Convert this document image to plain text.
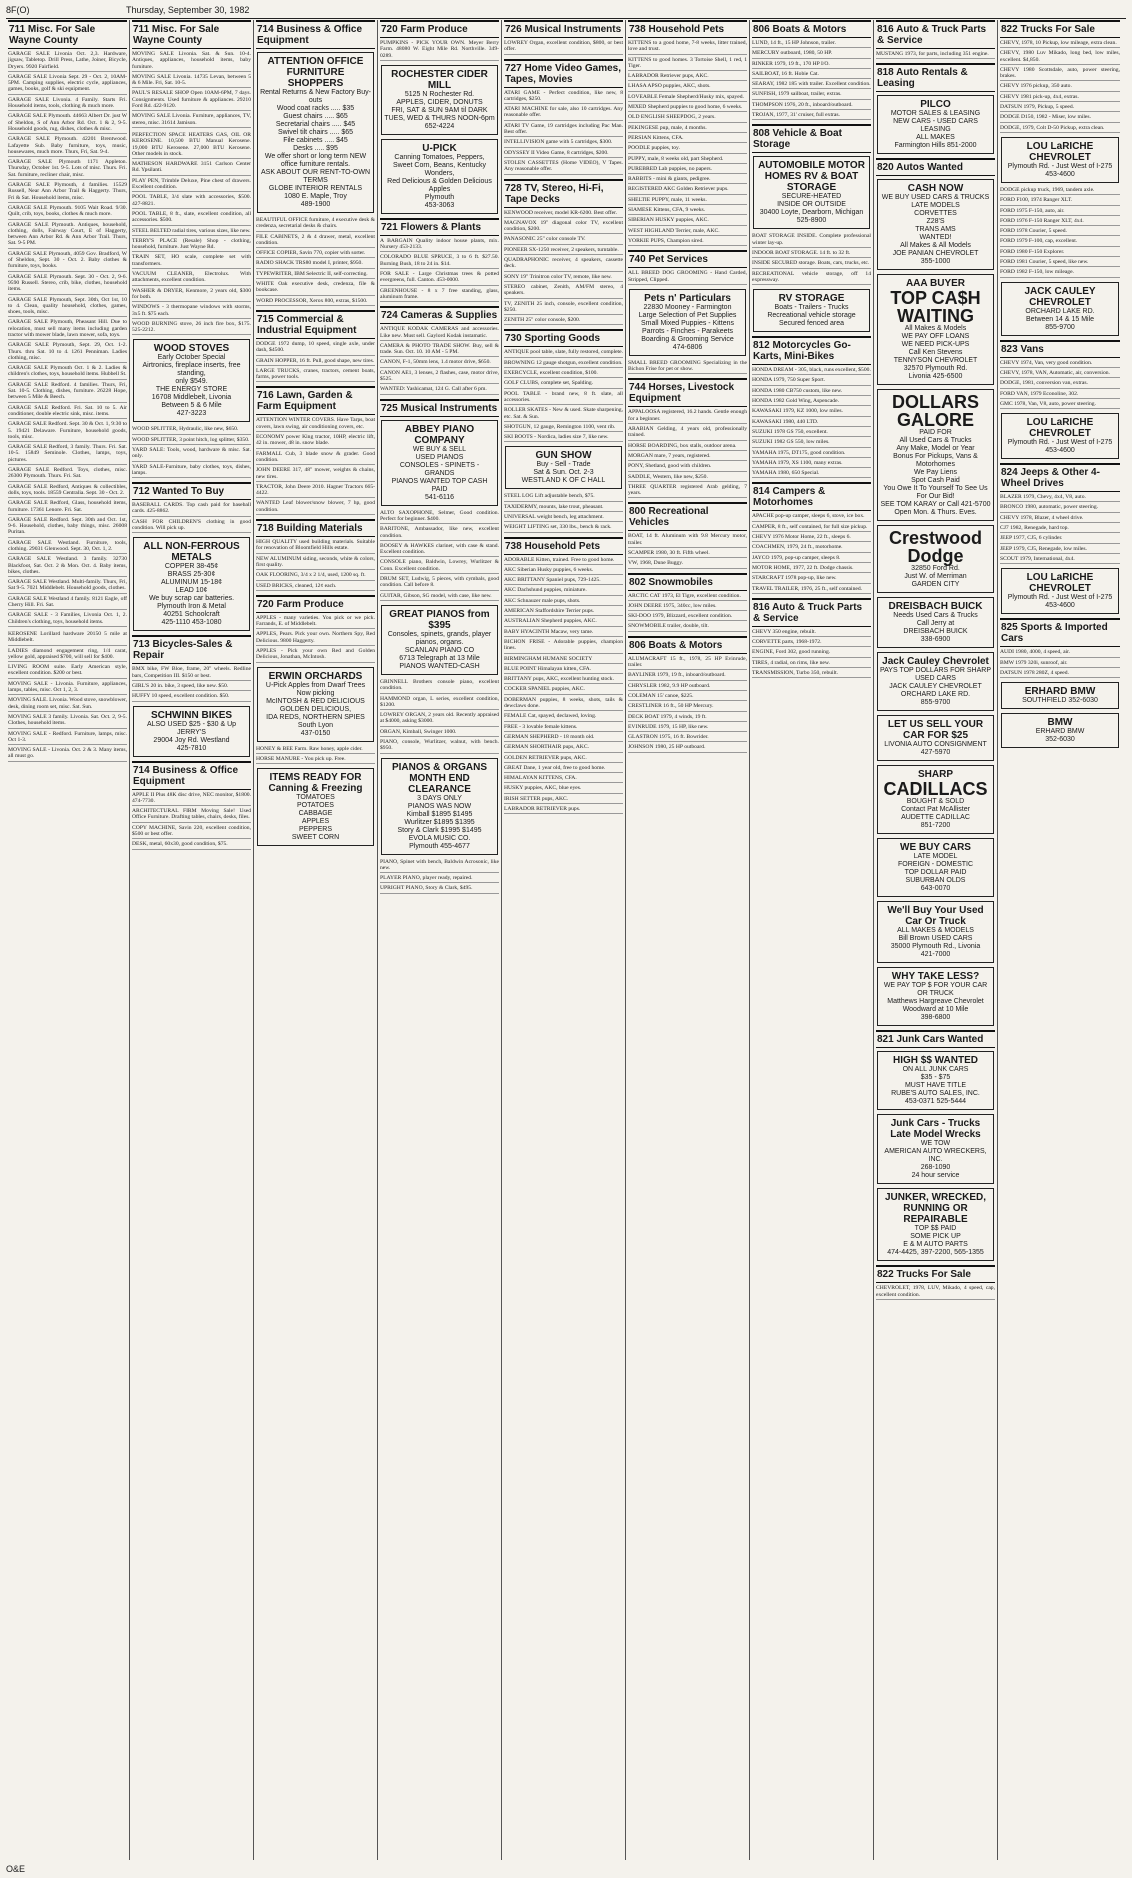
8F(O)	Thursday, September 30, 1982
711 Misc. For Sale Wayne County

GARAGE SALE Livonia Oct. 2,3. Hardware, jigsaw, Tabletop. Drill Press, Lathe, Joiner, Bicycle, Dryers. 9920 Fairfield.

GARAGE SALE Livonia Sept. 29 - Oct. 2, 10AM-5PM. Camping supplies, electric cycle, appliances, games, books, golf & ski equipment.

GARAGE SALE Livonia. 4 Family. Starts Fri. Household items, tools, clothing & much more.

GARAGE SALE Plymouth. 44663 Albert Dr. just W of Sheldon, S of Ann Arbor Rd. Oct. 1 & 2, 9-5. Household goods, rug, dishes, clothes & misc.

GARAGE SALE Plymouth. 42201 Brentwood. Lafayette Sub. Baby furniture, toys, music, housewares, much more. Thurs, Fri, Sat. 9-4.

GARAGE SALE Plymouth 1171 Appleton. Thursday, October 1st. 9-5. Lots of misc. Thurs. Fri. Sat. furniture, recliner chair, misc.

GARAGE SALE Plymouth, 4 families. 15529 Russell, Near Ann Arbor Trail & Haggerty. Thurs, Fri & Sat. Household items, misc.

GARAGE SALE Plymouth. 9105 Wait Road. 9/30. Quilt, crib, toys, books, clothes & much more.

GARAGE SALE Plymouth. Antiques, household, clothing, dolls, Fairway Court, E of Haggerty, between Ann Arbor Rd. & Ann Arbor Trail. Thurs, Sat. 9-5 PM.

GARAGE SALE Plymouth, 4059 Gov. Bradford, W of Sheldon, Sept. 30 - Oct. 2. Baby clothes & furniture, toys, books.

GARAGE SALE Plymouth. Sept. 30 - Oct. 2, 9-6. 9590 Russell. Stereo, crib, bike, clothes, household items.

GARAGE SALE Plymouth, Sept. 30th, Oct 1st, 10 to 4. Clean, quality household, clothes, games, shoes, tools, misc.

GARAGE SALE Plymouth, Pheasant Hill. Due to relocation, must sell many items including garden tractor with mower blade, lawn mower, sofa, toys.

GARAGE SALE Plymouth, Sept. 29, Oct. 1-2. Thurs. thru Sat. 10 to 4. 1261 Penniman. Ladies clothing, misc.

GARAGE SALE Plymouth Oct. 1 & 2. Ladies & children's clothes, toys, household items. Hubbell St.

GARAGE SALE Redford. 4 families. Thurs, Fri, Sat. 10-5. Clothing, dishes, furniture. 26228 Hope, between 5 Mile & Beech.

GARAGE SALE Redford. Fri. Sat. 10 to 5. Air conditioner, double electric sink, misc. items.

GARAGE SALE Redford. Sept. 30 & Oct. 1, 9:30 to 5. 19421 Delaware. Furniture, household goods, tools, misc.

GARAGE SALE Redford, 3 family. Thurs. Fri. Sat. 10-5. 15849 Seminole. Clothes, lamps, toys, pictures.

GARAGE SALE Redford. Toys, clothes, misc. 26300 Plymouth. Thurs. Fri. Sat.

GARAGE SALE Redford, Antiques & collectibles, dolls, toys, tools. 18559 Centralia. Sept. 30 - Oct. 2.

GARAGE SALE Redford, Glass, household items, furniture. 17361 Lenore. Fri. Sat.

GARAGE SALE Redford. Sept. 30th and Oct. 1st, 9-6. Household, clothes, baby things, misc. 26008 Puritan.

GARAGE SALE Westland. Furniture, tools, clothing. 29031 Glenwood. Sept. 30, Oct. 1, 2.

GARAGE SALE Westland. 3 family. 32730 Blackfoot, Sat. Oct. 2 & Mon. Oct. 4. Baby items, bikes, clothes.

GARAGE SALE Westland. Multi-family. Thurs, Fri, Sat 9-5. 7021 Middlebelt. Household goods, clothes.

GARAGE SALE Westland 4 family. 8121 Eagle, off Cherry Hill. Fri. Sat.

GARAGE SALE - 3 Families, Livonia Oct. 1, 2. Children's clothing, toys, household items.

KEROSENE Lorillard hardware 20150 5 mile at Middlebelt.

LADIES diamond engagement ring, 1/4 carat, yellow gold, appraised $700, will sell for $400.

LIVING ROOM suite. Early American style, excellent condition. $200 or best.

MOVING SALE - Livonia. Furniture, appliances, lamps, tables, misc. Oct 1, 2, 3.

MOVING SALE. Livonia. Wood stove, snowblower, desk, dining room set, misc. Sat. Sun.

MOVING SALE 3 family. Livonia. Sat. Oct. 2, 9-5. Clothes, household items.

MOVING SALE - Redford. Furniture, lamps, misc. Oct 1-3.

MOVING SALE - Livonia. Oct. 2 & 3. Many items, all must go.

711 Misc. For Sale Wayne County

MOVING SALE Livonia. Sat. & Sun. 10-4. Antiques, appliances, household items, baby furniture.

MOVING SALE Livonia. 14735 Levan, between 5 & 6 Mile. Fri, Sat. 10-5.

PAUL'S RESALE SHOP Open 10AM-6PM, 7 days. Consignments. Used furniture & appliances. 29210 Ford Rd. 422-9120.

MOVING SALE Livonia. Furniture, appliances, TV, stereo, misc. 31614 Jamison.

PERFECTION SPACE HEATERS GAS, OIL OR KEROSENE. 10,500 BTU Manual Kerosene. 19,000 BTU Kerosene. 27,000 BTU Kerosene. Other models in stock.

MATHESON HARDWARE 3151 Carlson Center Rd. Ypsilanti.

PLAY PEN, Trimble Deluxe, Pine chest of drawers. Excellent condition.

POOL TABLE, 3/4 slate with accessories, $500. 427-8821.

POOL TABLE, 8 ft., slate, excellent condition, all accessories. $500.

STEEL BELTED radial tires, various sizes, like new.

TERRY'S PLACE (Resale) Shop - clothing, household, furniture. Just Wayne Rd.

TRAIN SET, HO scale, complete set with transformers.

VACUUM CLEANER, Electrolux. With attachments, excellent condition.

WASHER & DRYER, Kenmore, 2 years old, $300 for both.

WINDOWS - 3 thermopane windows with storms, 3x5 ft. $75 each.

WOOD BURNING stove, 26 inch fire box, $175. 525-2212.

WOOD STOVES
Early October Special
Airtronics, fireplace inserts, free standing,
only $549.
THE ENERGY STORE
16708 Middlebelt, Livonia
Between 5 & 6 Mile
427-3223

WOOD SPLITTER, Hydraulic, like new, $650.

WOOD SPLITTER, 3 point hitch, log splitter, $350.

YARD SALE: Tools, wood, hardware & misc. Sat. only.

YARD SALE-Furniture, baby clothes, toys, dishes, lamps.

712 Wanted To Buy

BASEBALL CARDS. Top cash paid for baseball cards. 425-8862.

CASH FOR CHILDREN'S clothing in good condition. Will pick up.

ALL NON-FERROUS METALS
COPPER 38-45¢
BRASS 25-30¢
ALUMINUM 15-18¢
LEAD 10¢
We buy scrap car batteries.
Plymouth Iron & Metal
40251 Schoolcraft
425-1110 453-1080
713 Bicycles-Sales & Repair

BMX bike, FW Bloe, frame, 20" wheels. Redline bars, Competition III. $150 or best.

GIRL'S 20 in. bike, 3 speed, like new. $50.

HUFFY 10 speed, excellent condition. $50.

SCHWINN BIKES
ALSO USED $25 - $30 & Up
JERRY'S
29004 Joy Rd. Westland
425-7810
714 Business & Office Equipment

APPLE II Plus 48K disc drive, NEC monitor, $1800. 474-7730.

ARCHITECTURAL FIRM Moving Sale! Used Office Furniture. Drafting tables, chairs, desks, files.

COPY MACHINE, Savin 220, excellent condition, $500 or best offer.

DESK, metal, 60x30, good condition, $75.

714 Business & Office Equipment
ATTENTION OFFICE FURNITURE SHOPPERS
Rental Returns & New Factory Buy-outs
Wood coat racks ..... $35
Guest chairs ..... $65
Secretarial chairs ..... $45
Swivel tilt chairs ..... $65
File cabinets ..... $45
Desks ..... $95
We offer short or long term NEW office furniture rentals.
ASK ABOUT OUR RENT-TO-OWN TERMS
GLOBE INTERIOR RENTALS
1080 E. Maple, Troy
489-1900

BEAUTIFUL OFFICE furniture, 4 executive desk & credenza, secretarial desks & chairs.

FILE CABINETS, 2 & 4 drawer, metal, excellent condition.

OFFICE COPIER, Savin 770, copier with sorter.

RADIO SHACK TRS80 model I, printer, $950.

TYPEWRITER, IBM Selectric II, self-correcting.

WHITE Oak executive desk, credenza, file & bookcase.

WORD PROCESSOR, Xerox 800, extras, $1500.

715 Commercial & Industrial Equipment

DODGE 1972 dump, 10 speed, single axle, under dash, $4500.

GRAIN HOPPER, 16 ft. Pull, good shape, new tires.

LARGE TRUCKS, cranes, tractors, cement boats, farms, power tools.

716 Lawn, Garden & Farm Equipment

ATTENTION WINTER COVERS. Have Tarps, boat covers, lawn swing, air conditioning covers, etc.

ECONOMY power King tractor, 10HP, electric lift, 42 in. mower, 48 in. snow blade.

FARMALL Cub, 3 blade snow & grader. Good condition.

JOHN DEERE 317, 48" mower, weights & chains, new tires.

TRACTOR, John Deere 2010. Hagner Tractors 665-4422.

WANTED Leaf blower/snow blower, 7 hp, good condition.

718 Building Materials

HIGH QUALITY used building materials. Suitable for renovation of Bloomfield Hills estate.

NEW ALUMINUM siding, seconds, white & colors, first quality.

OAK FLOORING, 3/4 x 2 1/4, used, 1200 sq. ft.

USED BRICKS, cleaned, 12¢ each.

720 Farm Produce

APPLES - many varieties. You pick or we pick. Farrands, E. of Middlebelt.

APPLES, Pears. Pick your own. Northern Spy, Red Delicious. 9800 Haggerty.

APPLES - Pick your own Red and Golden Delicious, Jonathan, McIntosh.

ERWIN ORCHARDS
U-Pick Apples from Dwarf Trees
Now picking
McINTOSH & RED DELICIOUS
GOLDEN DELICIOUS,
IDA REDS, NORTHERN SPIES
South Lyon
437-0150

HONEY & BEE Farm. Raw honey, apple cider.

HORSE MANURE - You pick up. Free.

ITEMS READY FOR Canning & Freezing
TOMATOES
POTATOES
CABBAGE
APPLES
PEPPERS
SWEET CORN
720 Farm Produce

PUMPKINS - PICK YOUR OWN. Meyer Berry Farm. 48080 W. Eight Mile Rd. Northville. 349-0289.

ROCHESTER CIDER MILL
5125 N Rochester Rd.
APPLES, CIDER, DONUTS
FRI, SAT & SUN 9AM til DARK
TUES, WED & THURS NOON-6pm
652-4224
U-PICK
Canning Tomatoes, Peppers, Sweet Corn, Beans, Kentucky Wonders,
Red Delicious & Golden Delicious
Apples
Plymouth
453-3063
721 Flowers & Plants

A BARGAIN Quality indoor house plants, mix. Nursery 453-2133.

COLORADO BLUE SPRUCE, 3 to 6 ft. $27.50. Burning Bush, 18 to 24 in. $14.

FOR SALE - Large Christmas trees & potted evergreens, full. Canton. 453-0000.

GREENHOUSE - 8 x 7 free standing, glass, aluminum frame.

724 Cameras & Supplies

ANTIQUE KODAK CAMERAS and accessories. Like new. Must sell. Gaylord Kodak instamatic.

CAMERA & PHOTO TRADE SHOW. Buy, sell & trade. Sun. Oct. 10. 10 AM - 5 PM.

CANON, F-1, 50mm lens, 1.4 motor drive, $650.

CANON AE1, 3 lenses, 2 flashes, case, motor drive, $525.

WANTED: Yashicamat, 124 G. Call after 6 pm.

725 Musical Instruments
ABBEY PIANO COMPANY
WE BUY & SELL
USED PIANOS
CONSOLES - SPINETS - GRANDS
PIANOS WANTED TOP CASH PAID
541-6116

ALTO SAXOPHONE, Selmer, Good condition. Perfect for beginner. $400.

BARITONE, Ambassador, like new, excellent condition.

BOOSEY & HAWKES clarinet, with case & stand. Excellent condition.

CONSOLE piano, Baldwin, Lowrey, Wurlitzer & Conn. Excellent condition.

DRUM SET, Ludwig, 5 pieces, with cymbals, good condition. Call before 8.

GUITAR, Gibson, SG model, with case, like new.

GREAT PIANOS from $395
Consoles, spinets, grands, player pianos, organs.
SCANLAN PIANO CO
6713 Telegraph at 13 Mile
PIANOS WANTED-CASH

GRINNELL Brothers console piano, excellent condition.

HAMMOND organ, L series, excellent condition, $1200.

LOWREY ORGAN, 2 years old. Recently appraised at $4000, asking $3000.

ORGAN, Kimball, Swinger 1000.

PIANO, console, Wurlitzer, walnut, with bench. $950.

PIANOS & ORGANS MONTH END CLEARANCE
3 DAYS ONLY
PIANOS WAS NOW
Kimball $1895 $1495
Wurlitzer $1895 $1395
Story & Clark $1995 $1495
EVOLA MUSIC CO.
Plymouth 455-4677

PIANO, Spinet with bench, Baldwin Acrosonic, like new.

PLAYER PIANO, player ready, repaired.

UPRIGHT PIANO, Story & Clark, $495.

726 Musical Instruments

LOWREY Organ, excellent condition, $800, or best offer.

727 Home Video Games, Tapes, Movies

ATARI GAME - Perfect condition, like new, 8 cartridges, $250.

ATARI MACHINE for sale, also 10 cartridges. Any reasonable offer.

ATARI TV Game, 19 cartridges including Pac Man. Best offer.

INTELLIVISION game with 5 cartridges, $300.

ODYSSEY II Video Game, 8 cartridges, $200.

STOLEN CASSETTES (Home VIDEO), V Tapes. Any reasonable offer.

728 TV, Stereo, Hi-Fi, Tape Decks

KENWOOD receiver, model KR-6200. Best offer.

MAGNAVOX 19" diagonal color TV, excellent condition, $200.

PANASONIC 25" color console TV.

PIONEER SX-1250 receiver, 2 speakers, turntable.

QUADRAPHONIC receiver, 4 speakers, cassette deck.

SONY 19" Trinitron color TV, remote, like new.

STEREO cabinet, Zenith, AM/FM stereo, 4 speakers.

TV, ZENITH 25 inch, console, excellent condition, $250.

ZENITH 25" color console, $200.

730 Sporting Goods

ANTIQUE pool table, slate, fully restored, complete.

BROWNING 12 gauge shotgun, excellent condition.

EXERCYCLE, excellent condition, $100.

GOLF CLUBS, complete set, Spalding.

POOL TABLE - brand new, 8 ft. slate, all accessories.

ROLLER SKATES - New & used. Skate sharpening, etc. Sat. & Sun.

SHOTGUN, 12 gauge, Remington 1100, vent rib.

SKI BOOTS - Nordica, ladies size 7, like new.

GUN SHOW
Buy - Sell - Trade
Sat & Sun. Oct. 2-3
WESTLAND K OF C HALL

STEEL LOG Lift adjustable bench, $75.

TAXIDERMY, mounts, lake trout, pheasant.

UNIVERSAL weight bench, leg attachment.

WEIGHT LIFTING set, 330 lbs., bench & rack.

738 Household Pets

ADORABLE Kitten, trained. Free to good home.

AKC Siberian Husky puppies, 6 weeks.

AKC BRITTANY Spaniel pups, 729-1425.

AKC Dachshund puppies, miniature.

AKC Schnauzer male pups, shots.

AMERICAN Staffordshire Terrier pups.

AUSTRALIAN Shepherd puppies, AKC.

BABY HYACINTH Macaw, very tame.

BICHON FRISE - Adorable puppies, champion lines.

BIRMINGHAM HUMANE SOCIETY

BLUE POINT Himalayan kitten, CFA.

BRITTANY pups, AKC, excellent hunting stock.

COCKER SPANIEL puppies, AKC.

DOBERMAN puppies, 8 weeks, shots, tails & dewclaws done.

FEMALE Cat, spayed, declawed, loving.

FREE - 3 lovable female kittens.

GERMAN SHEPHERD - 18 month old.

GERMAN SHORTHAIR pups, AKC.

GOLDEN RETRIEVER pups, AKC.

GREAT Dane, 1 year old, free to good home.

HIMALAYAN KITTENS, CFA.

HUSKY puppies, AKC, blue eyes.

IRISH SETTER pups, AKC.

LABRADOR RETRIEVER pups.

738 Household Pets

KITTENS to a good home, 7-8 weeks, litter trained, love and trust.

KITTENS to good homes. 3 Tortoise Shell, 1 red, 1 Tiger.

LABRADOR Retriever pups, AKC.

LHASA APSO puppies, AKC, shots.

LOVEABLE Female Shepherd/Husky mix, spayed.

MIXED Shepherd puppies to good home, 6 weeks.

OLD ENGLISH SHEEPDOG, 2 years.

PEKINGESE pup, male, 4 months.

PERSIAN Kittens, CFA.

POODLE puppies, toy.

PUPPY, male, 8 weeks old, part Shepherd.

PUREBRED Lab puppies, no papers.

RABBITS - mini & giants, pedigree.

REGISTERED AKC Golden Retriever pups.

SHELTIE PUPPY, male, 11 weeks.

SIAMESE Kittens, CFA, 9 weeks.

SIBERIAN HUSKY puppies, AKC.

WEST HIGHLAND Terrier, male, AKC.

YORKIE PUPS, Champion sired.

740 Pet Services

ALL BREED DOG GROOMING - Hand Carded, Stripped, Clipped.

Pets n' Particulars
22830 Mooney - Farmington
Large Selection of Pet Supplies
Small Mixed Puppies - Kittens
Parrots - Finches - Parakeets
Boarding & Grooming Service
474-6806

SMALL BREED GROOMING Specializing in the Bichon Frise for pet or show.

744 Horses, Livestock Equipment

APPALOOSA registered, 16.2 hands. Gentle enough for a beginner.

ARABIAN Gelding, 4 years old, professionally trained.

HORSE BOARDING, box stalls, outdoor arena.

MORGAN mare, 7 years, registered.

PONY, Shetland, good with children.

SADDLE, Western, like new, $250.

THREE QUARTER registered Arab gelding, 7 years.

800 Recreational Vehicles

BOAT, 14 ft. Aluminum with 9.8 Mercury motor, trailer.

SCAMPER 1980, 30 ft. Fifth wheel.

VW, 1968, Dune Buggy.

802 Snowmobiles

ARCTIC CAT 1973, El Tigre, excellent condition.

JOHN DEERE 1975, 340cc, low miles.

SKI-DOO 1979, Blizzard, excellent condition.

SNOWMOBILE trailer, double, tilt.

806 Boats & Motors

ALUMACRAFT 15 ft., 1978, 25 HP Evinrude, trailer.

BAYLINER 1979, 19 ft., inboard/outboard.

CHRYSLER 1982, 9.9 HP outboard.

COLEMAN 15' canoe, $225.

CRESTLINER 16 ft., 50 HP Mercury.

DECK BOAT 1979, 4 winds, 19 ft.

EVINRUDE 1979, 15 HP, like new.

GLASTRON 1975, 16 ft. Bowrider.

JOHNSON 1980, 25 HP outboard.

806 Boats & Motors

LUND, 14 ft., 15 HP Johnson, trailer.

MERCURY outboard, 1980, 50 HP.

RINKER 1979, 19 ft., 170 HP I/O.

SAILBOAT, 16 ft. Hobie Cat.

SEARAY, 1982 185 with trailer. Excellent condition.

SUNFISH, 1979 sailboat, trailer, extras.

THOMPSON 1976, 20 ft., inboard/outboard.

TROJAN, 1977, 31' cruiser, full extras.

808 Vehicle & Boat Storage
AUTOMOBILE MOTOR HOMES RV & BOAT STORAGE
SECURE-HEATED
INSIDE OR OUTSIDE
30400 Loyte, Dearborn, Michigan
525-8900

BOAT STORAGE INSIDE. Complete professional winter lay-up.

INDOOR BOAT STORAGE. 14 ft. to 32 ft.

INSIDE SECURED storage. Boats, cars, trucks, etc.

RECREATIONAL vehicle storage, off 14 expressway.

RV STORAGE
Boats - Trailers - Trucks
Recreational vehicle storage
Secured fenced area
812 Motorcycles Go-Karts, Mini-Bikes

HONDA DREAM - 305, black, runs excellent, $500.

HONDA 1979, 750 Super Sport.

HONDA 1980 CB750 custom, like new.

HONDA 1982 Gold Wing, Aspencade.

KAWASAKI 1979, KZ 1000, low miles.

KAWASAKI 1980, 440 LTD.

SUZUKI 1978 GS 750, excellent.

SUZUKI 1982 GS 550, low miles.

YAMAHA 1975, DT175, good condition.

YAMAHA 1979, XS 1100, many extras.

YAMAHA 1980, 650 Special.

814 Campers & Motorhomes

APACHE pop-up camper, sleeps 6, stove, ice box.

CAMPER, 8 ft., self contained, for full size pickup.

CHEVY 1976 Motor Home, 22 ft., sleeps 6.

COACHMEN, 1979, 24 ft., motorhome.

JAYCO 1979, pop-up camper, sleeps 8.

MOTOR HOME, 1977, 22 ft. Dodge chassis.

STARCRAFT 1978 pop-up, like new.

TRAVEL TRAILER, 1976, 25 ft., self contained.

816 Auto & Truck Parts & Service

CHEVY 350 engine, rebuilt.

CORVETTE parts, 1968-1972.

ENGINE, Ford 302, good running.

TIRES, 4 radial, on rims, like new.

TRANSMISSION, Turbo 350, rebuilt.

816 Auto & Truck Parts & Service

MUSTANG 1973, for parts, including 351 engine.

818 Auto Rentals & Leasing
PILCO
MOTOR SALES & LEASING
NEW CARS - USED CARS
LEASING
ALL MAKES
Farmington Hills 851-2000
820 Autos Wanted
CASH NOW
WE BUY USED CARS & TRUCKS
LATE MODELS
CORVETTES
Z28'S
TRANS AMS
WANTED!
All Makes & All Models
JOE PANIAN CHEVROLET
355-1000
AAA BUYER
TOP CA$H WAITING
All Makes & Models
WE PAY OFF LOANS
WE NEED PICK-UPS
Call Ken Stevens
TENNYSON CHEVROLET
32570 Plymouth Rd.
Livonia 425-6500
DOLLARS GALORE
PAID FOR
All Used Cars & Trucks
Any Make, Model or Year
Bonus For Pickups, Vans & Motorhomes
We Pay Liens
Spot Cash Paid
You Owe It To Yourself To See Us For Our Bid!
SEE TOM KARAY or Call 421-5700
Open Mon. & Thurs. Eves.
Crestwood Dodge
32850 Ford Rd.
Just W. of Merriman
GARDEN CITY
DREISBACH BUICK
Needs Used Cars & Trucks
Call Jerry at
DREISBACH BUICK
338-6900
Jack Cauley Chevrolet
PAYS TOP DOLLARS FOR SHARP USED CARS
JACK CAULEY CHEVROLET
ORCHARD LAKE RD.
855-9700
LET US SELL YOUR CAR FOR $25
LIVONIA AUTO CONSIGNMENT
427-5970
SHARP
CADILLACS
BOUGHT & SOLD
Contact Pat McAllister
AUDETTE CADILLAC
851-7200
WE BUY CARS
LATE MODEL
FOREIGN - DOMESTIC
TOP DOLLAR PAID
SUBURBAN OLDS
643-0070
We'll Buy Your Used Car Or Truck
ALL MAKES & MODELS
Bill Brown USED CARS
35000 Plymouth Rd., Livonia
421-7000
WHY TAKE LESS?
WE PAY TOP $ FOR YOUR CAR OR TRUCK
Matthews Hargreave Chevrolet
Woodward at 10 Mile
398-6800
821 Junk Cars Wanted
HIGH $$ WANTED
ON ALL JUNK CARS
$35 - $75
MUST HAVE TITLE
RUBE'S AUTO SALES, INC.
453-0371 525-5444
Junk Cars - Trucks Late Model Wrecks
WE TOW
AMERICAN AUTO WRECKERS, INC.
268-1090
24 hour service
JUNKER, WRECKED, RUNNING OR REPAIRABLE
TOP $$ PAID
SOME PICK UP
E & M AUTO PARTS
474-4425, 397-2200, 565-1355
822 Trucks For Sale

CHEVROLET, 1978, LUV, Mikado, 4 speed, cap, excellent condition.

822 Trucks For Sale

CHEVY, 1978, 10 Pickup, low mileage, extra clean.

CHEVY, 1980 Luv Mikado, long bed, low miles, excellent. $4,850.

CHEVY 1980 Scottsdale, auto, power steering, brakes.

CHEVY 1976 pickup, 350 auto.

CHEVY 1981 pick-up, 4x4, extras.

DATSUN 1979, Pickup, 5 speed.

DODGE D150, 1982 - Miser, low miles.

DODGE, 1979, Colt D-50 Pickup, extra clean.

LOU LaRICHE CHEVROLET
Plymouth Rd. - Just West of I-275
453-4600

DODGE pickup truck, 1969, tandem axle.

FORD F100, 1974 Ranger XLT.

FORD 1975 F-150, auto, air.

FORD 1976 F-150 Ranger XLT, 4x4.

FORD 1978 Courier, 5 speed.

FORD 1979 F-100, cap, excellent.

FORD 1980 F-150 Explorer.

FORD 1981 Courier, 5 speed, like new.

FORD 1982 F-150, low mileage.

JACK CAULEY CHEVROLET
ORCHARD LAKE RD.
Between 14 & 15 Mile
855-9700
823 Vans

CHEVY 1974, Van, very good condition.

CHEVY, 1978, VAN, Automatic, air, conversion.

DODGE, 1981, conversion van, extras.

FORD VAN, 1979 Econoline, 302.

GMC 1978, Van, V8, auto, power steering.

LOU LaRICHE CHEVROLET
Plymouth Rd. - Just West of I-275
453-4600
824 Jeeps & Other 4-Wheel Drives

BLAZER 1979, Chevy, 4x4, V8, auto.

BRONCO 1980, automatic, power steering.

CHEVY 1978, Blazer, 4 wheel drive.

CJ7 1982, Renegade, hard top.

JEEP 1977, CJ5, 6 cylinder.

JEEP 1979, CJ5, Renegade, low miles.

SCOUT 1979, International, 4x4.

LOU LaRICHE CHEVROLET
Plymouth Rd. - Just West of I-275
453-4600
825 Sports & Imported Cars

AUDI 1980, 4000, 4 speed, air.

BMW 1979 320i, sunroof, air.

DATSUN 1978 280Z, 4 speed.

ERHARD BMW
SOUTHFIELD 352-6030
BMW
ERHARD BMW
352-6030
O&E
